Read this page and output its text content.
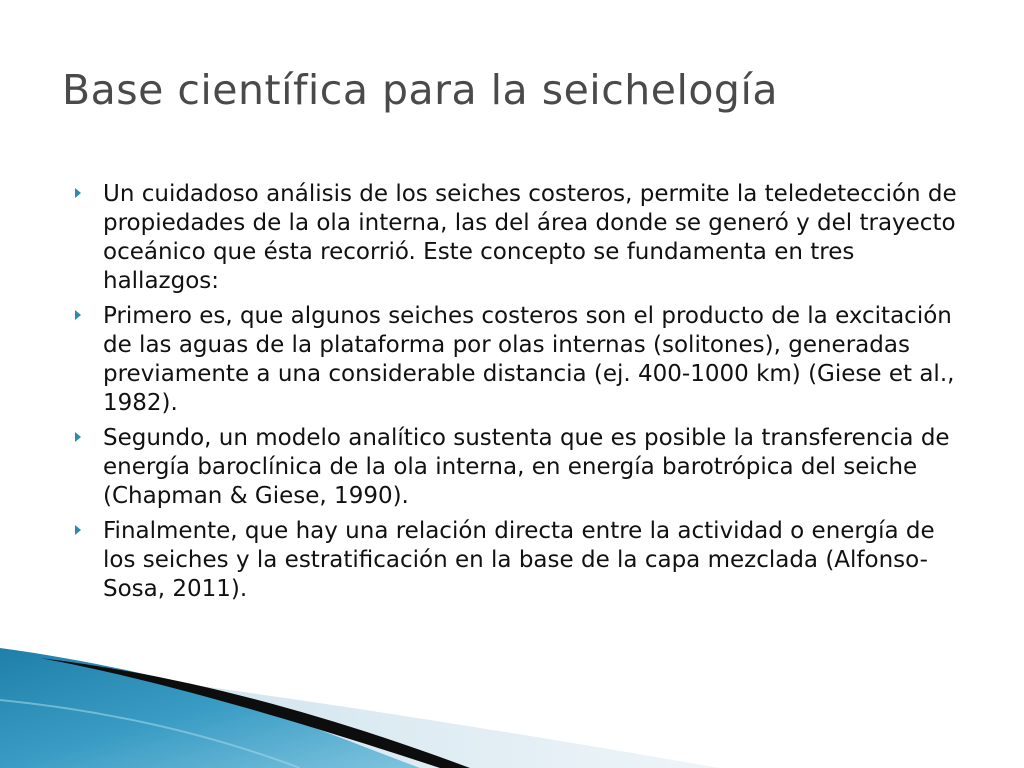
Base científica para la seichelogía
Un cuidadoso análisis de los seiches costeros, permite la teledetección de propiedades de la ola interna, las del área donde se generó y del trayecto oceánico que ésta recorrió. Este concepto se fundamenta en tres hallazgos:
Primero es, que algunos seiches costeros son el producto de la excitación de las aguas de la plataforma por olas internas (solitones), generadas previamente a una considerable distancia (ej. 400-1000 km) (Giese et al., 1982).
Segundo, un modelo analítico sustenta que es posible la transferencia de energía baroclínica de la ola interna, en energía barotrópica del seiche (Chapman & Giese, 1990).
Finalmente, que hay una relación directa entre la actividad o energía de los seiches y la estratificación en la base de la capa mezclada (Alfonso-Sosa, 2011).
